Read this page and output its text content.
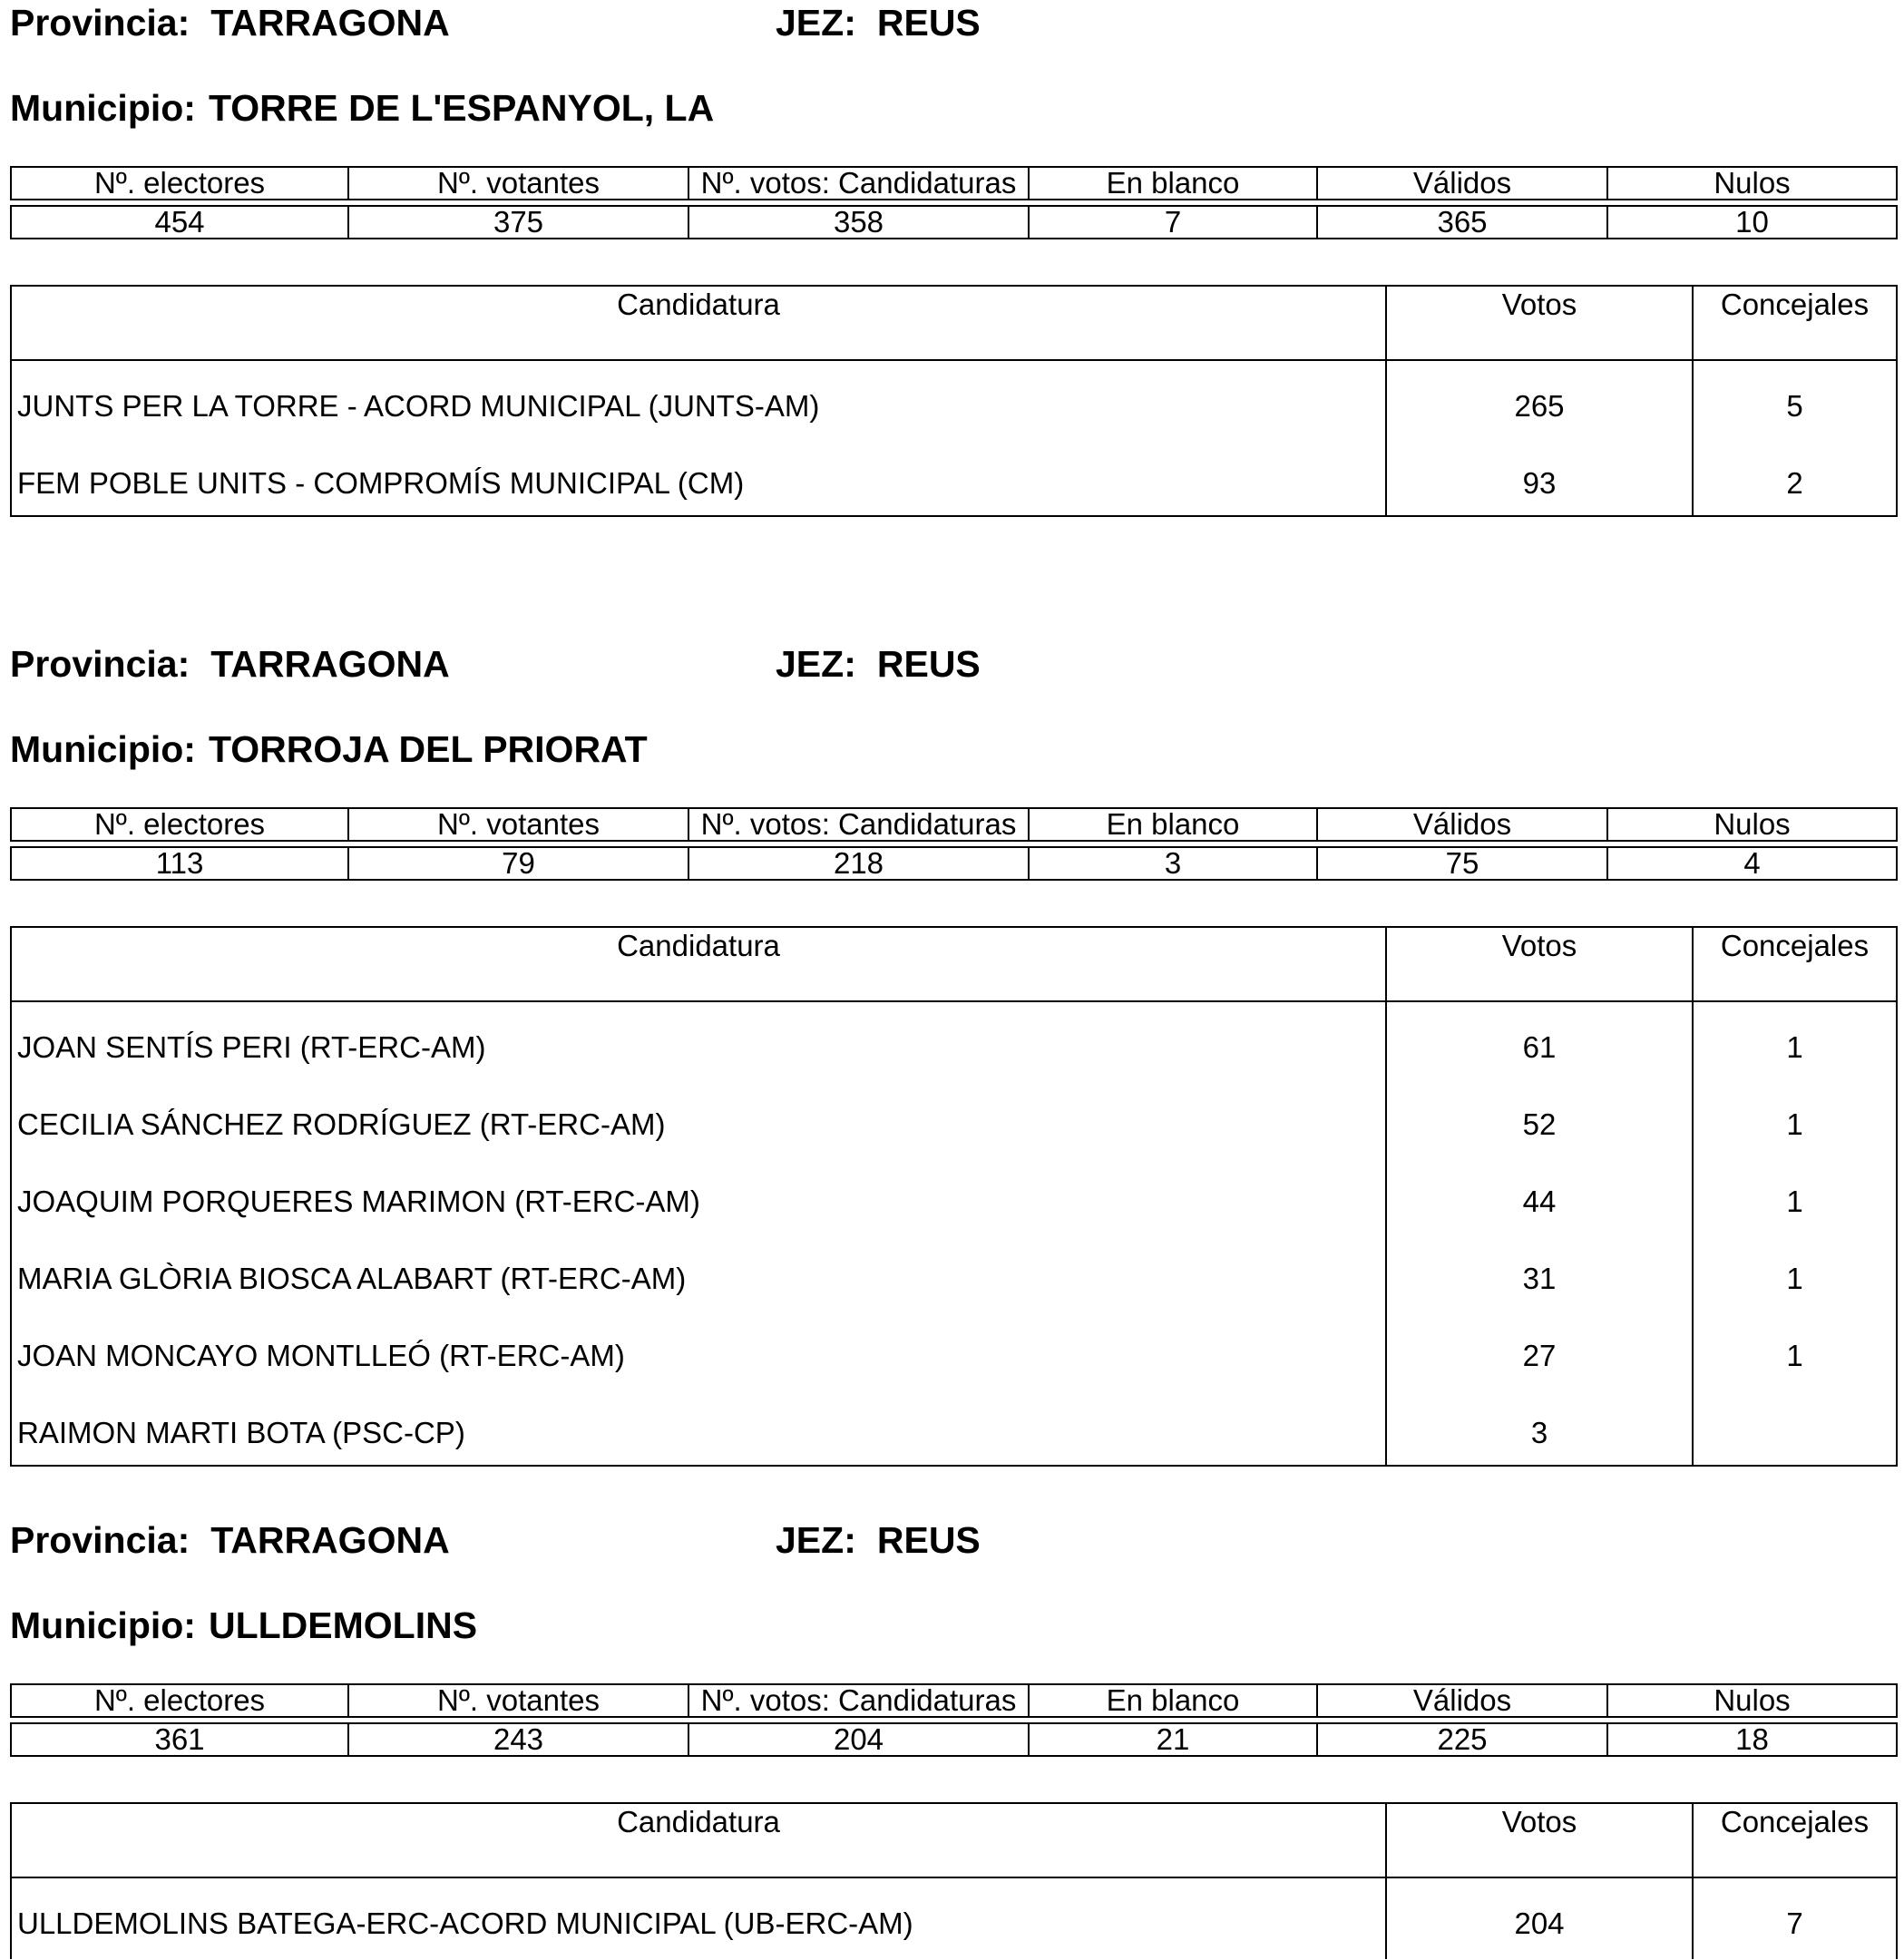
Provincia: TARRAGONA	JEZ: REUS
Municipio: TORRE DE L'ESPANYOL, LA
Nº. electores	Nº. votantes	Nº. votos: Candidaturas	En blanco	Válidos	Nulos
454	375	358	7	365	10
Candidatura	Votos	Concejales
JUNTS PER LA TORRE - ACORD MUNICIPAL (JUNTS-AM)	265	5
FEM POBLE UNITS - COMPROMÍS MUNICIPAL (CM)	93	2
Provincia: TARRAGONA	JEZ: REUS
Municipio: TORROJA DEL PRIORAT
Nº. electores	Nº. votantes	Nº. votos: Candidaturas	En blanco	Válidos	Nulos
113	79	218	3	75	4
Candidatura	Votos	Concejales
JOAN SENTÍS PERI (RT-ERC-AM)	61	1
CECILIA SÁNCHEZ RODRÍGUEZ (RT-ERC-AM)	52	1
JOAQUIM PORQUERES MARIMON (RT-ERC-AM)	44	1
MARIA GLÒRIA BIOSCA ALABART (RT-ERC-AM)	31	1
JOAN MONCAYO MONTLLEÓ (RT-ERC-AM)	27	1
RAIMON MARTI BOTA (PSC-CP)	3
Provincia: TARRAGONA	JEZ: REUS
Municipio: ULLDEMOLINS
Nº. electores	Nº. votantes	Nº. votos: Candidaturas	En blanco	Válidos	Nulos
361	243	204	21	225	18
Candidatura	Votos	Concejales
ULLDEMOLINS BATEGA-ERC-ACORD MUNICIPAL (UB-ERC-AM)	204	7
